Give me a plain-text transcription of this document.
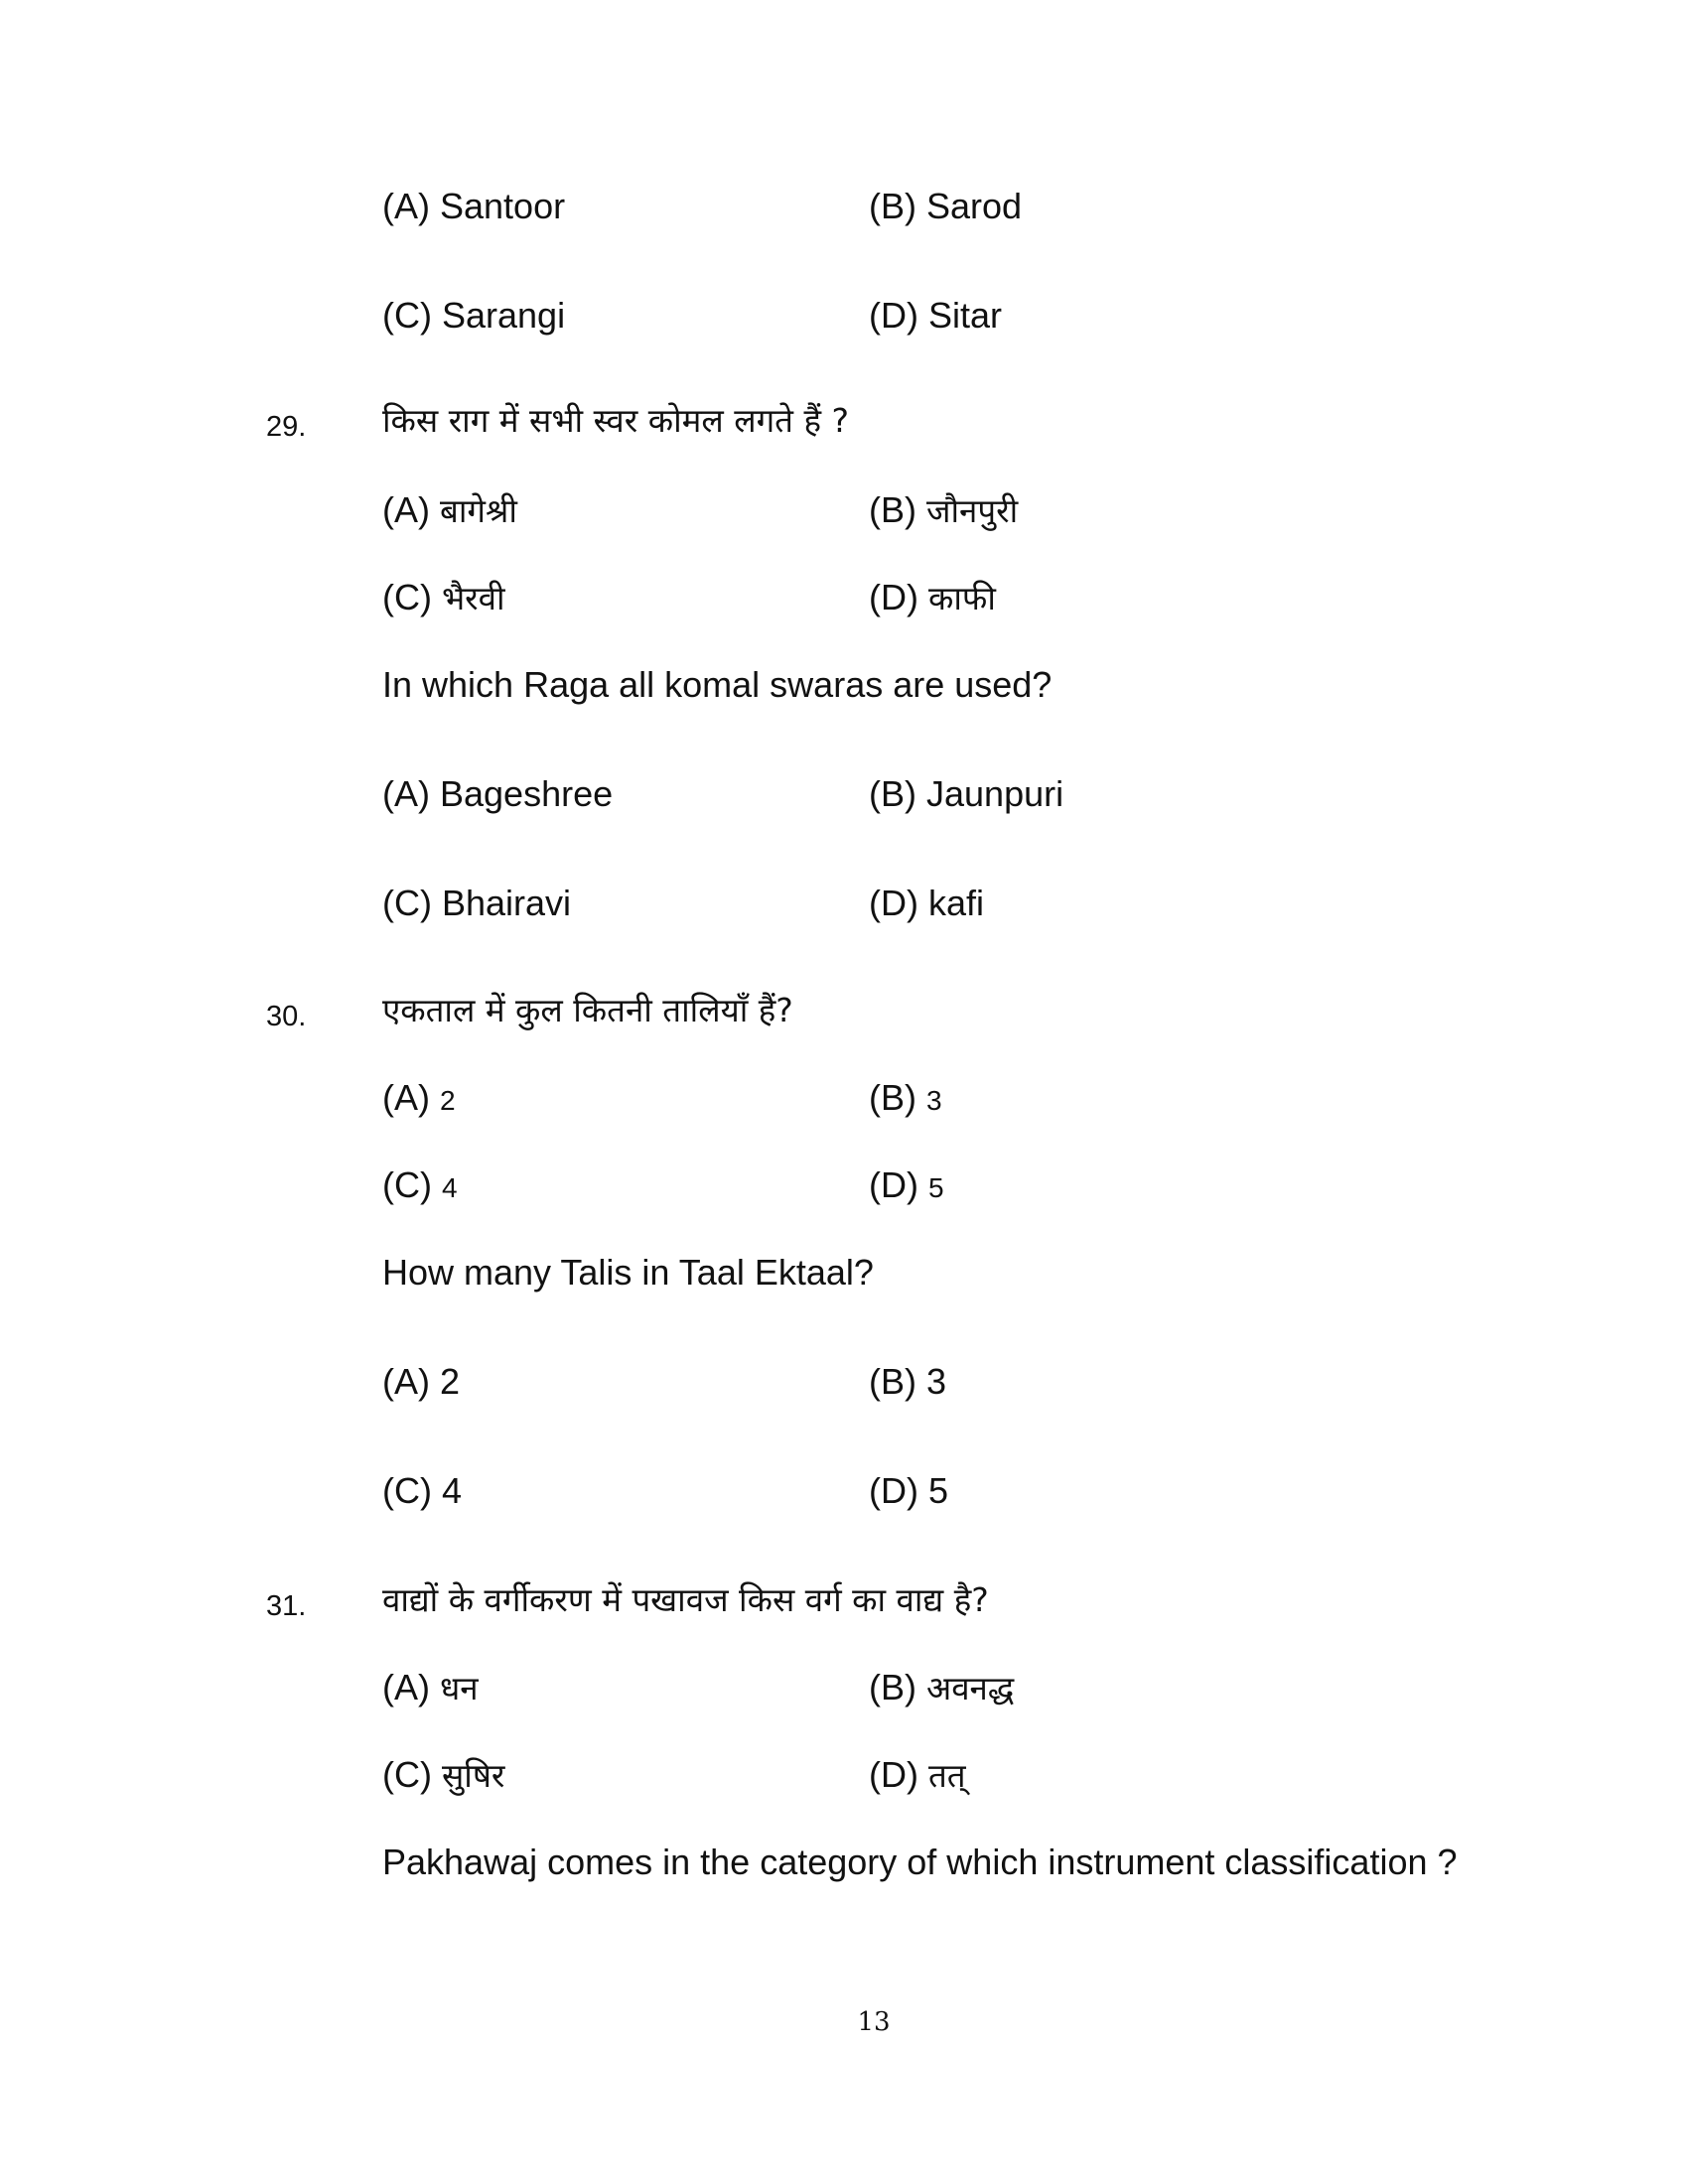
(A) Santoor	(B) Sarod
(C) Sarangi	(D) Sitar
29. किस राग में सभी स्वर कोमल लगते हैं ?
(A) बागेश्री	(B) जौनपुरी
(C) भैरवी	(D) काफी
In which Raga all komal swaras are used?
(A) Bageshree	(B) Jaunpuri
(C) Bhairavi	(D) kafi
30. एकताल में कुल कितनी तालियाँ हैं?
(A) 2	(B) 3
(C) 4	(D) 5
How many Talis in Taal Ektaal?
(A) 2	(B) 3
(C) 4	(D) 5
31. वाद्यों के वर्गीकरण में पखावज किस वर्ग का वाद्य है?
(A) धन	(B) अवनद्ध
(C) सुषिर	(D) तत्
Pakhawaj comes in the category of which instrument classification ?
13
